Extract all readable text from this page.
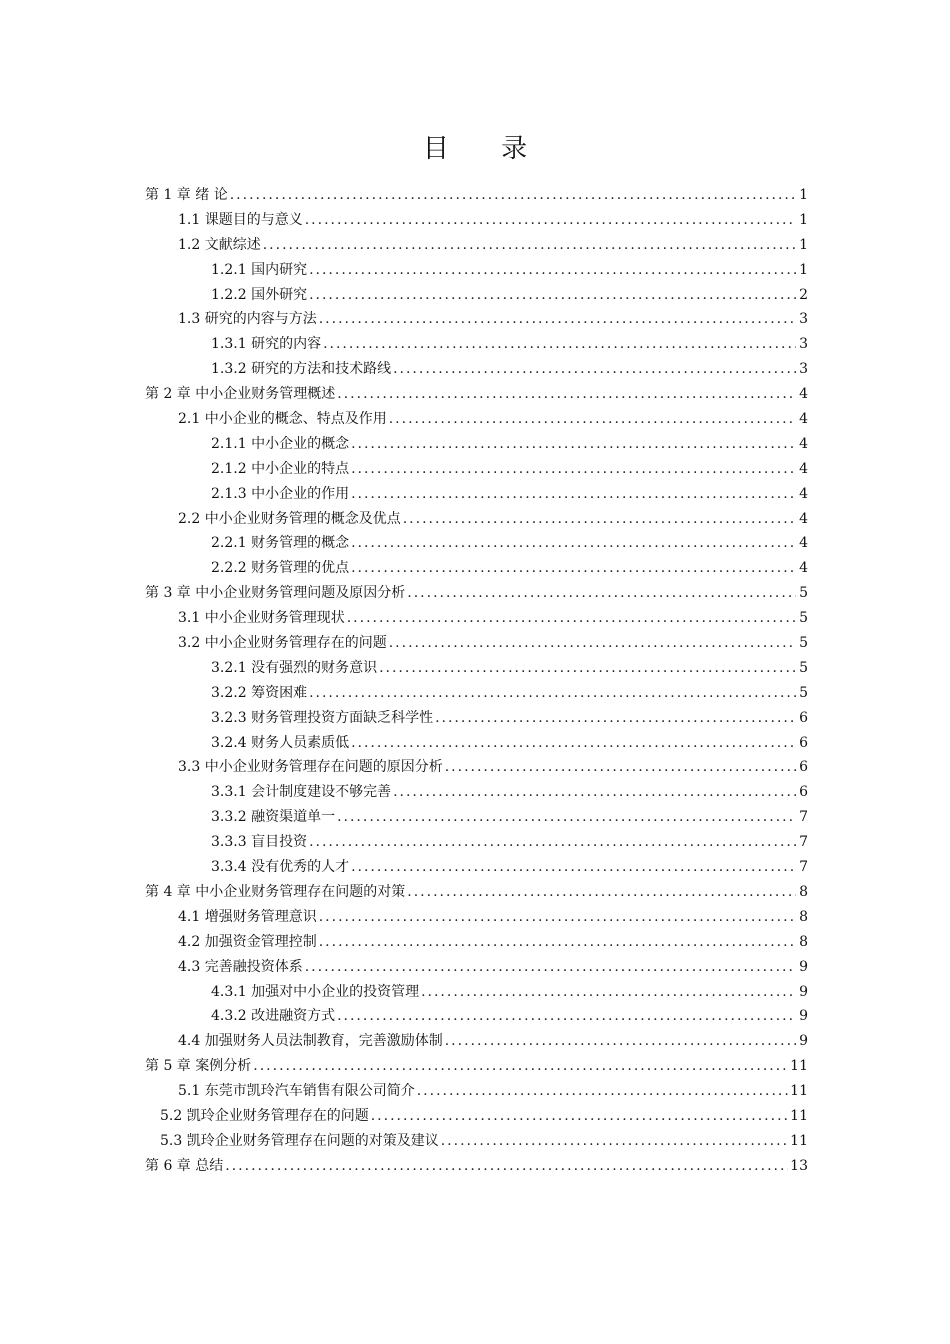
目 录
第 1 章 绪 论 .....	1
1.1 课题目的与意义 .....	1
1.2 文献综述 .....	1
1.2.1 国内研究 .....	1
1.2.2 国外研究 .....	2
1.3 研究的内容与方法 .....	3
1.3.1 研究的内容 .....	3
1.3.2 研究的方法和技术路线 .....	3
第 2 章 中小企业财务管理概述 .....	4
2.1 中小企业的概念、特点及作用 .....	4
2.1.1 中小企业的概念 .....	4
2.1.2 中小企业的特点 .....	4
2.1.3 中小企业的作用 .....	4
2.2 中小企业财务管理的概念及优点 .....	4
2.2.1 财务管理的概念 .....	4
2.2.2 财务管理的优点 .....	4
第 3 章 中小企业财务管理问题及原因分析 .....	5
3.1 中小企业财务管理现状 .....	5
3.2 中小企业财务管理存在的问题 .....	5
3.2.1 没有强烈的财务意识 .....	5
3.2.2 筹资困难 .....	5
3.2.3 财务管理投资方面缺乏科学性 .....	6
3.2.4 财务人员素质低 .....	6
3.3 中小企业财务管理存在问题的原因分析 .....	6
3.3.1 会计制度建设不够完善 .....	6
3.3.2 融资渠道单一 .....	7
3.3.3 盲目投资 .....	7
3.3.4 没有优秀的人才 .....	7
第 4 章 中小企业财务管理存在问题的对策 .....	8
4.1 增强财务管理意识 .....	8
4.2 加强资金管理控制 .....	8
4.3 完善融投资体系 .....	9
4.3.1 加强对中小企业的投资管理 .....	9
4.3.2 改进融资方式 .....	9
4.4 加强财务人员法制教育，完善激励体制 .....	9
第 5 章 案例分析 .....	11
5.1 东莞市凯玲汽车销售有限公司简介 .....	11
5.2 凯玲企业财务管理存在的问题 .....	11
5.3 凯玲企业财务管理存在问题的对策及建议 .....	11
第 6 章 总结 .....	13
